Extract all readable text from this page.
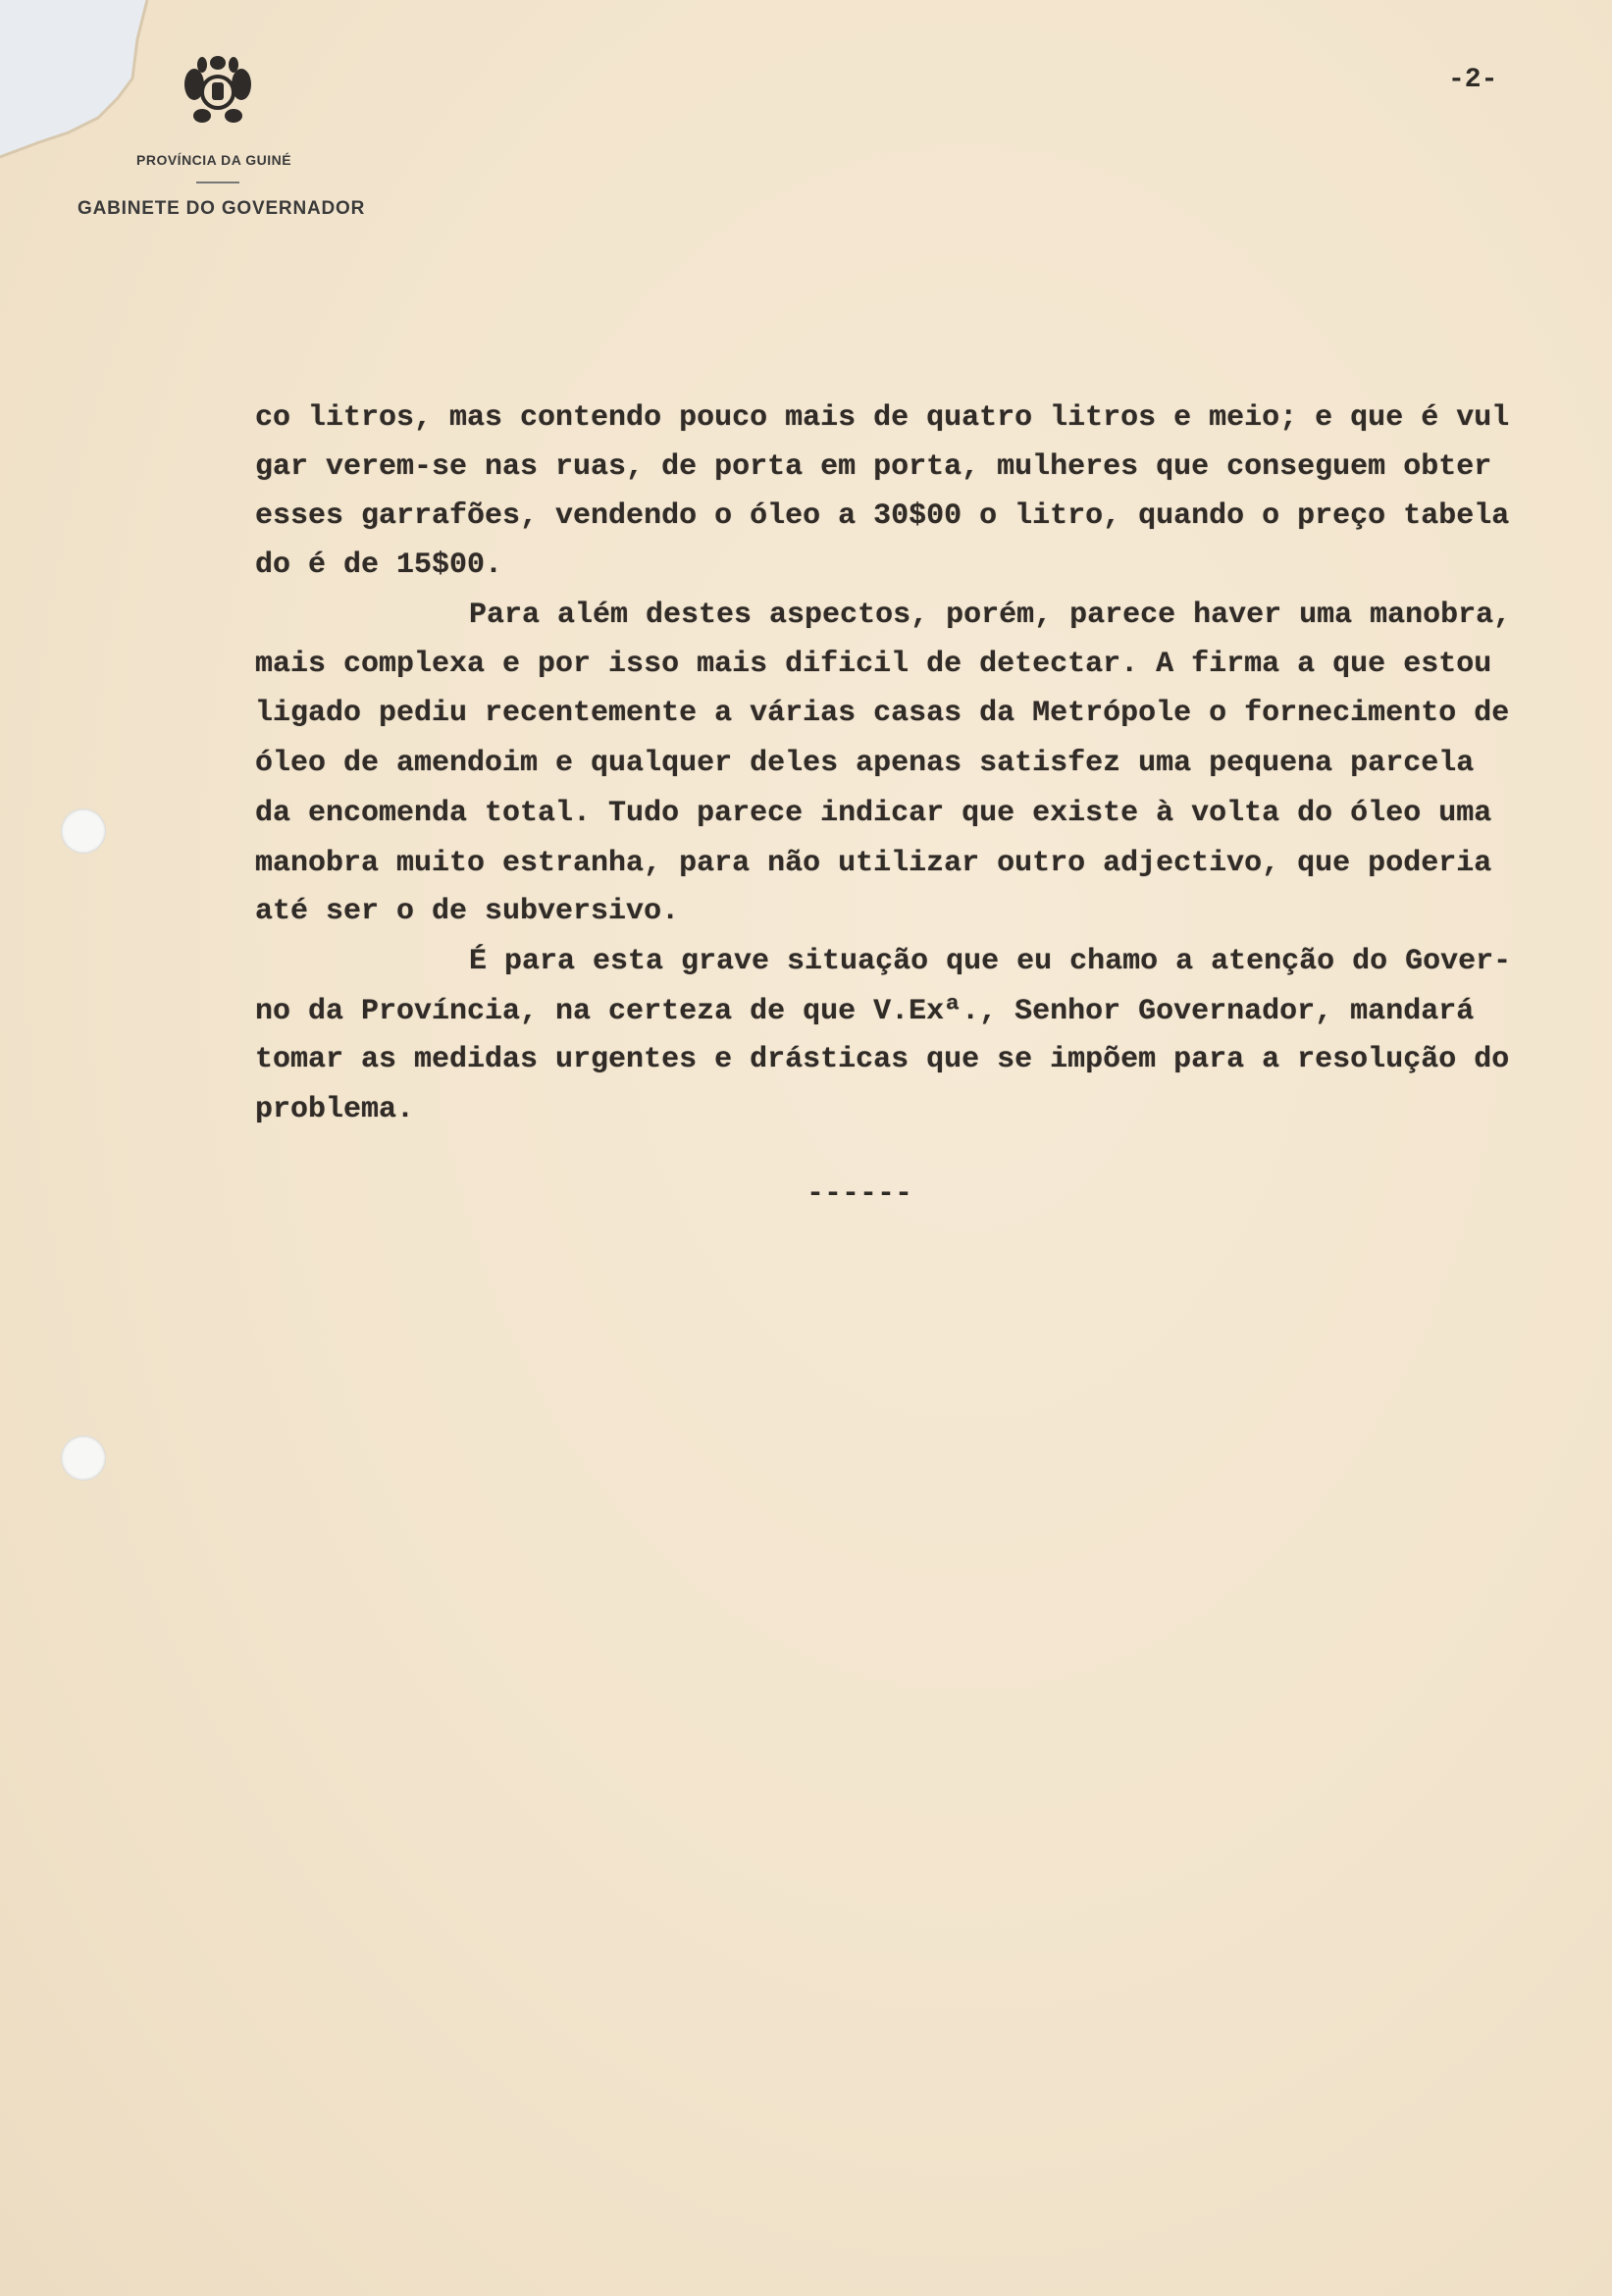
PROVÍNCIA DA GUINÉ
GABINETE DO GOVERNADOR
-2-
co litros, mas contendo pouco mais de quatro litros e meio; e que é vul
gar verem-se nas ruas, de porta em porta, mulheres que conseguem obter
esses garrafões, vendendo o óleo a 30$00 o litro, quando o preço tabela
do é de 15$00.
Para além destes aspectos, porém, parece haver uma manobra,
mais complexa e por isso mais dificil de detectar. A firma a que estou
ligado pediu recentemente a várias casas da Metrópole o fornecimento de
óleo de amendoim e qualquer deles apenas satisfez uma pequena parcela
da encomenda total. Tudo parece indicar que existe à volta do óleo uma
manobra muito estranha, para não utilizar outro adjectivo, que poderia
até ser o de subversivo.
É para esta grave situação que eu chamo a atenção do Gover-
no da Província, na certeza de que V.Exª., Senhor Governador, mandará
tomar as medidas urgentes e drásticas que se impõem para a resolução do
problema.
------
